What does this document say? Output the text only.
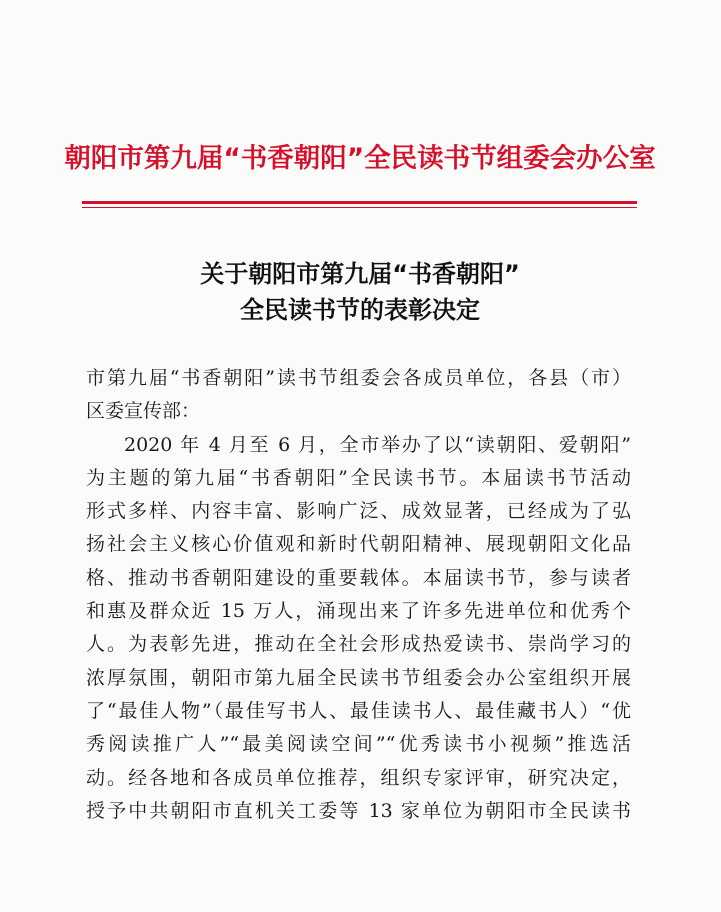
朝阳市第九届“书香朝阳”全民读书节组委会办公室
关于朝阳市第九届“书香朝阳”
全民读书节的表彰决定
市第九届“书香朝阳”读书节组委会各成员单位，各县（市）
区委宣传部：
2020 年 4 月至 6 月，全市举办了以“读朝阳、爱朝阳”
为主题的第九届“书香朝阳”全民读书节。本届读书节活动
形式多样、内容丰富、影响广泛、成效显著，已经成为了弘
扬社会主义核心价值观和新时代朝阳精神、展现朝阳文化品
格、推动书香朝阳建设的重要载体。本届读书节，参与读者
和惠及群众近 15 万人，涌现出来了许多先进单位和优秀个
人。为表彰先进，推动在全社会形成热爱读书、崇尚学习的
浓厚氛围，朝阳市第九届全民读书节组委会办公室组织开展
了“最佳人物”（最佳写书人、最佳读书人、最佳藏书人）“优
秀阅读推广人”“最美阅读空间”“优秀读书小视频”推选活
动。经各地和各成员单位推荐，组织专家评审，研究决定，
授予中共朝阳市直机关工委等 13 家单位为朝阳市全民读书
